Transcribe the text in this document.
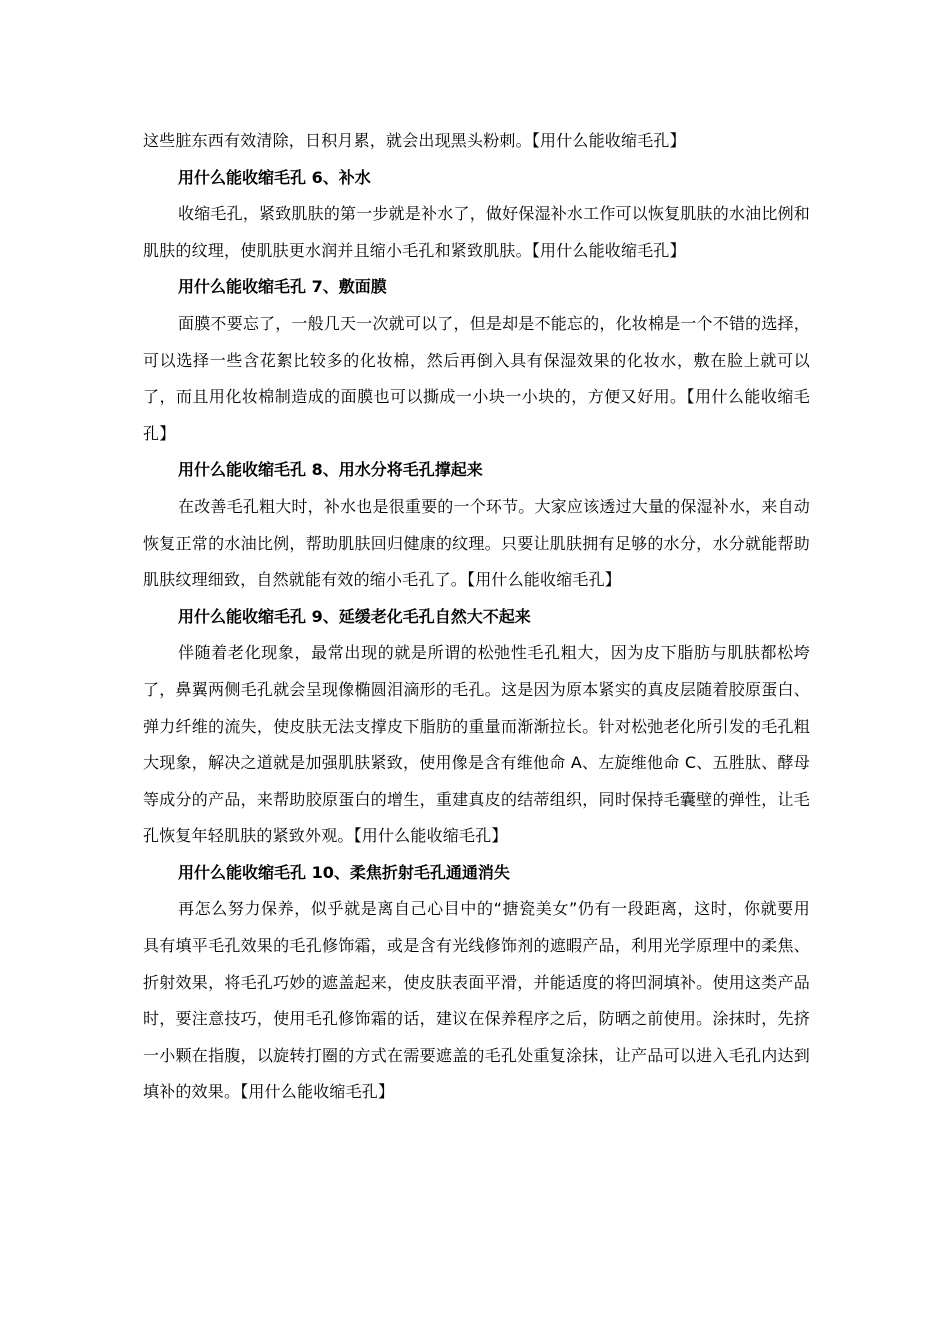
这些脏东西有效清除，日积月累，就会出现黑头粉刺。【用什么能收缩毛孔】

用什么能收缩毛孔 6、补水

收缩毛孔，紧致肌肤的第一步就是补水了，做好保湿补水工作可以恢复肌肤的水油比例和肌肤的纹理，使肌肤更水润并且缩小毛孔和紧致肌肤。【用什么能收缩毛孔】

用什么能收缩毛孔 7、敷面膜

面膜不要忘了，一般几天一次就可以了，但是却是不能忘的，化妆棉是一个不错的选择，可以选择一些含花絮比较多的化妆棉，然后再倒入具有保湿效果的化妆水，敷在脸上就可以了，而且用化妆棉制造成的面膜也可以撕成一小块一小块的，方便又好用。【用什么能收缩毛孔】

用什么能收缩毛孔 8、用水分将毛孔撑起来

在改善毛孔粗大时，补水也是很重要的一个环节。大家应该透过大量的保湿补水，来自动恢复正常的水油比例，帮助肌肤回归健康的纹理。只要让肌肤拥有足够的水分，水分就能帮助肌肤纹理细致，自然就能有效的缩小毛孔了。【用什么能收缩毛孔】

用什么能收缩毛孔 9、延缓老化毛孔自然大不起来

伴随着老化现象，最常出现的就是所谓的松弛性毛孔粗大，因为皮下脂肪与肌肤都松垮了，鼻翼两侧毛孔就会呈现像椭圆泪滴形的毛孔。这是因为原本紧实的真皮层随着胶原蛋白、弹力纤维的流失，使皮肤无法支撑皮下脂肪的重量而渐渐拉长。针对松弛老化所引发的毛孔粗大现象，解决之道就是加强肌肤紧致，使用像是含有维他命 A、左旋维他命 C、五胜肽、酵母等成分的产品，来帮助胶原蛋白的增生，重建真皮的结蒂组织，同时保持毛囊壁的弹性，让毛孔恢复年轻肌肤的紧致外观。【用什么能收缩毛孔】

用什么能收缩毛孔 10、柔焦折射毛孔通通消失

再怎么努力保养，似乎就是离自己心目中的“搪瓷美女”仍有一段距离，这时，你就要用具有填平毛孔效果的毛孔修饰霜，或是含有光线修饰剂的遮暇产品，利用光学原理中的柔焦、折射效果，将毛孔巧妙的遮盖起来，使皮肤表面平滑，并能适度的将凹洞填补。使用这类产品时，要注意技巧，使用毛孔修饰霜的话，建议在保养程序之后，防晒之前使用。涂抹时，先挤一小颗在指腹，以旋转打圈的方式在需要遮盖的毛孔处重复涂抹，让产品可以进入毛孔内达到填补的效果。【用什么能收缩毛孔】
